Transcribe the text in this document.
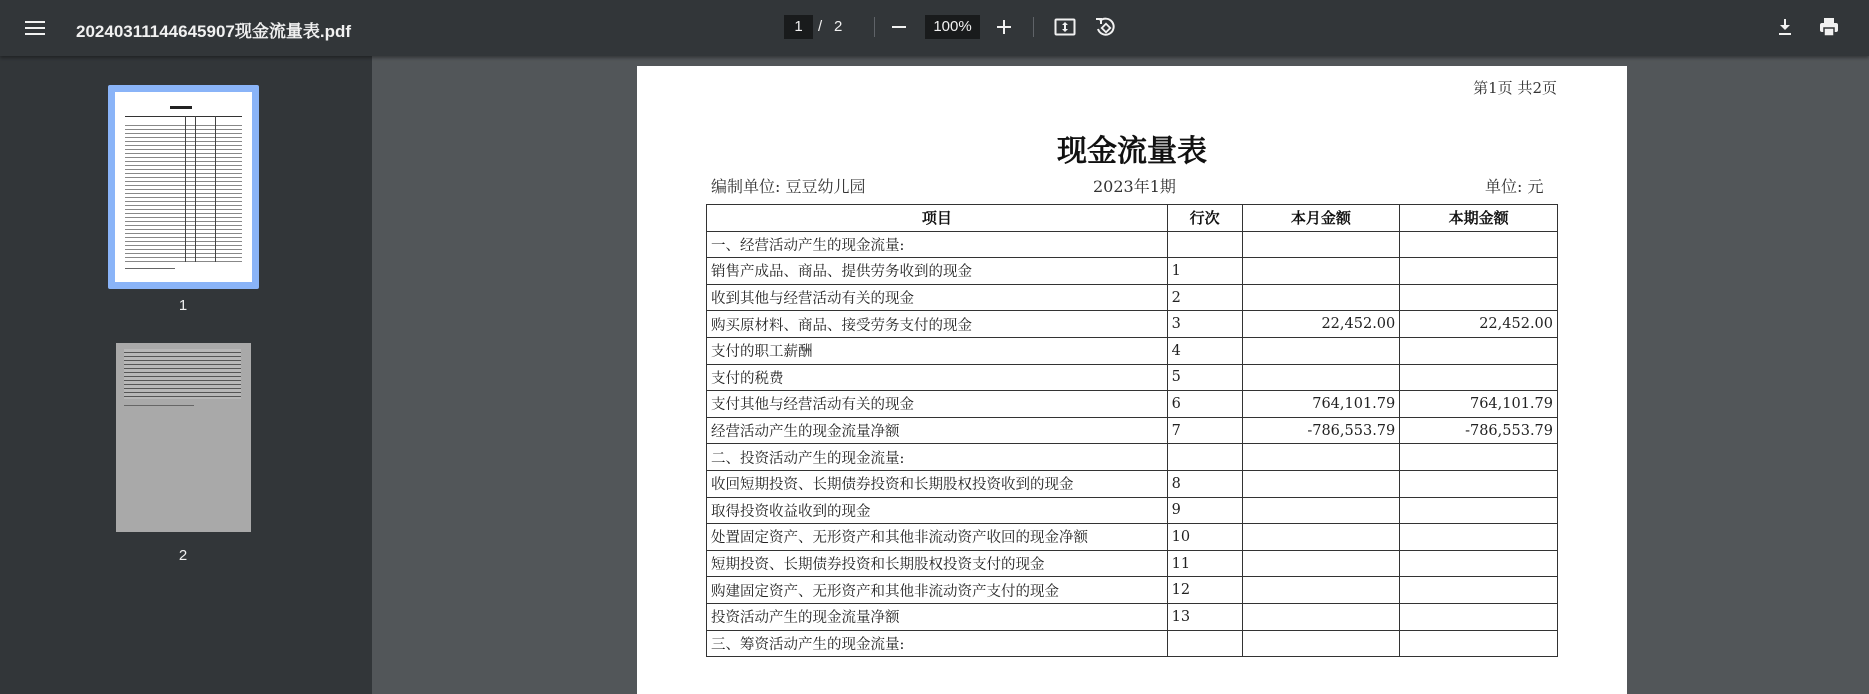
20240311144645907现金流量表.pdf	1	/ 2	100%
1
2
第1页 共2页
现金流量表
编制单位: 豆豆幼儿园	2023年1期	单位: 元
项目	行次	本月金额	本期金额
一、经营活动产生的现金流量:			
销售产成品、商品、提供劳务收到的现金	1		
收到其他与经营活动有关的现金	2		
购买原材料、商品、接受劳务支付的现金	3	22,452.00	22,452.00
支付的职工薪酬	4		
支付的税费	5		
支付其他与经营活动有关的现金	6	764,101.79	764,101.79
经营活动产生的现金流量净额	7	-786,553.79	-786,553.79
二、投资活动产生的现金流量:			
收回短期投资、长期债券投资和长期股权投资收到的现金	8		
取得投资收益收到的现金	9		
处置固定资产、无形资产和其他非流动资产收回的现金净额	10		
短期投资、长期债券投资和长期股权投资支付的现金	11		
购建固定资产、无形资产和其他非流动资产支付的现金	12		
投资活动产生的现金流量净额	13		
三、筹资活动产生的现金流量:			
